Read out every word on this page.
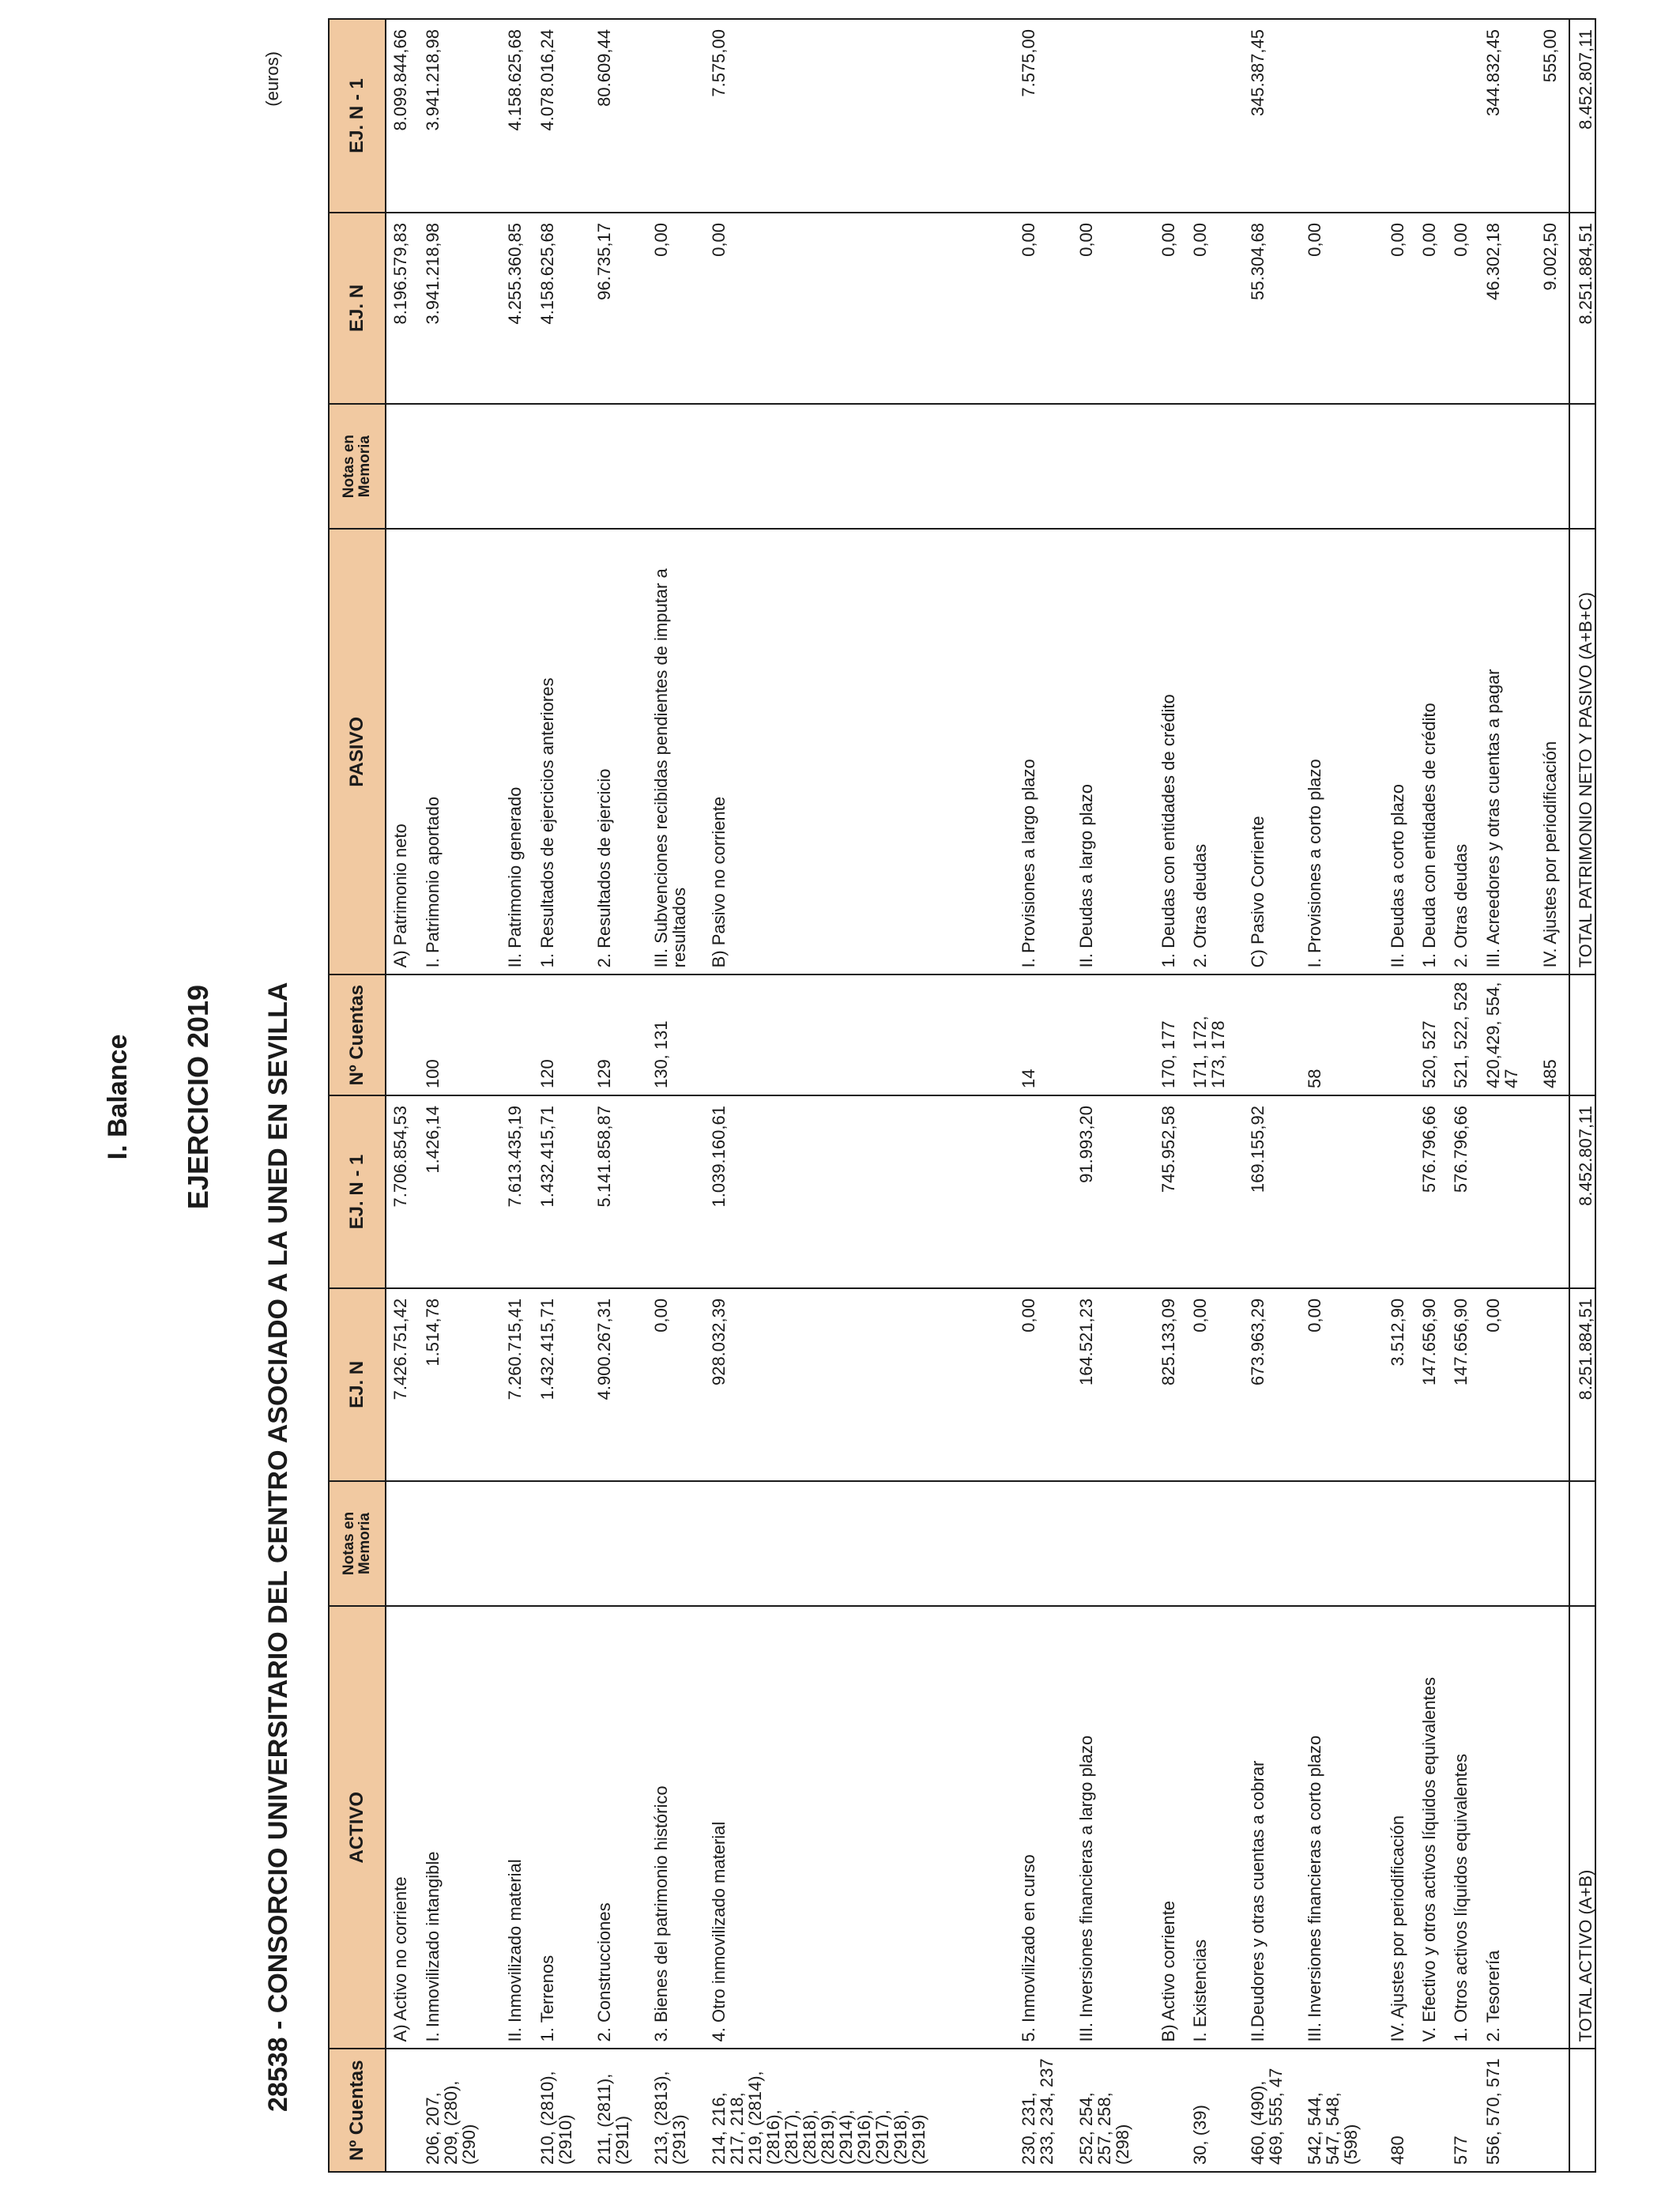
I. Balance EJERCICIO 2019 28538 - CONSORCIO UNIVERSITARIO DEL CENTRO ASOCIADO A LA UNED EN SEVILLA
(euros)
Nº Cuentas	ACTIVO	Notas en Memoria	EJ. N	EJ. N - 1	Nº Cuentas	PASIVO	Notas en Memoria	EJ. N	EJ. N - 1
	A) Activo no corriente		7.426.751,42	7.706.854,53		A) Patrimonio neto		8.196.579,83	8.099.844,66
206, 207, 209, (280), (290)	I. Inmovilizado intangible		1.514,78	1.426,14	100	I. Patrimonio aportado		3.941.218,98	3.941.218,98
	II. Inmovilizado material		7.260.715,41	7.613.435,19		II. Patrimonio generado		4.255.360,85	4.158.625,68
210, (2810), (2910)	1. Terrenos		1.432.415,71	1.432.415,71	120	1. Resultados de ejercicios anteriores		4.158.625,68	4.078.016,24
211, (2811), (2911)	2. Construcciones		4.900.267,31	5.141.858,87	129	2. Resultados de ejercicio		96.735,17	80.609,44
213, (2813), (2913)	3. Bienes del patrimonio histórico		0,00		130, 131	III. Subvenciones recibidas pendientes de imputar a resultados		0,00	
214, 216, 217, 218, 219, (2814), (2816), (2817), (2818), (2819), (2914), (2916), (2917), (2918), (2919)	4. Otro inmovilizado material		928.032,39	1.039.160,61		B) Pasivo no corriente		0,00	7.575,00
230, 231, 233, 234, 237	5. Inmovilizado en curso		0,00		14	I. Provisiones a largo plazo		0,00	7.575,00
252, 254, 257, 258, (298)	III. Inversiones financieras a largo plazo		164.521,23	91.993,20		II. Deudas a largo plazo		0,00	
	B) Activo corriente		825.133,09	745.952,58	170, 177	1. Deudas con entidades de crédito		0,00	
30, (39)	I. Existencias		0,00		171, 172, 173, 178	2. Otras deudas		0,00	
460, (490), 469, 555, 47	II.Deudores y otras cuentas a cobrar		673.963,29	169.155,92		C) Pasivo Corriente		55.304,68	345.387,45
542, 544, 547, 548, (598)	III. Inversiones financieras a corto plazo		0,00		58	I. Provisiones a corto plazo		0,00	
480	IV. Ajustes por periodificación		3.512,90			II. Deudas a corto plazo		0,00	
	V. Efectivo y otros activos líquidos equivalentes		147.656,90	576.796,66	520, 527	1. Deuda con entidades de crédito		0,00	
577	1. Otros activos líquidos equivalentes		147.656,90	576.796,66	521, 522, 528	2. Otras deudas		0,00	
556, 570, 571	2. Tesorería		0,00		420,429, 554, 47	III. Acreedores y otras cuentas a pagar		46.302,18	344.832,45
					485	IV. Ajustes por periodificación		9.002,50	555,00
	TOTAL ACTIVO (A+B)		8.251.884,51	8.452.807,11		TOTAL PATRIMONIO NETO Y PASIVO (A+B+C)		8.251.884,51	8.452.807,11
